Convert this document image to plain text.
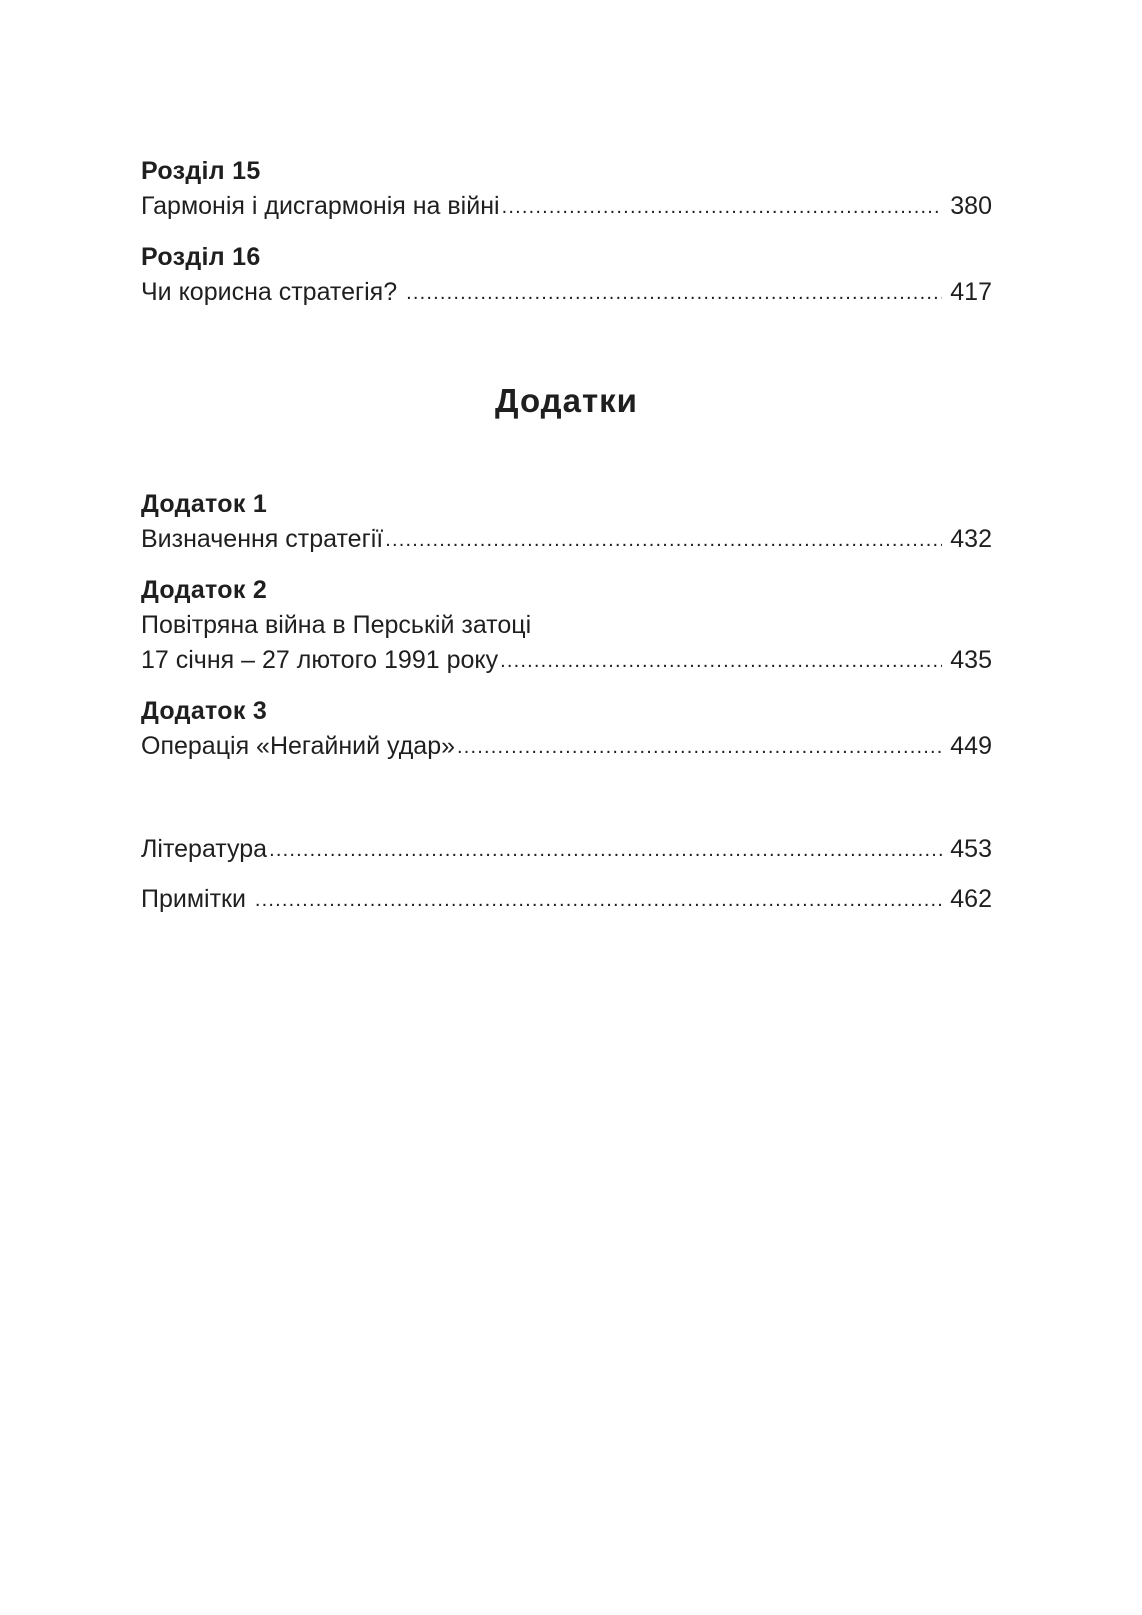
Розділ 15
Гармонія і дисгармонія на війні .....	380
Розділ 16
Чи корисна стратегія? .....	417
Додатки
Додаток 1
Визначення стратегії .....	432
Додаток 2
Повітряна війна в Перській затоці
17 січня – 27 лютого 1991 року .....	435
Додаток 3
Операція «Негайний удар» .....	449
Література .....	453
Примітки .....	462
